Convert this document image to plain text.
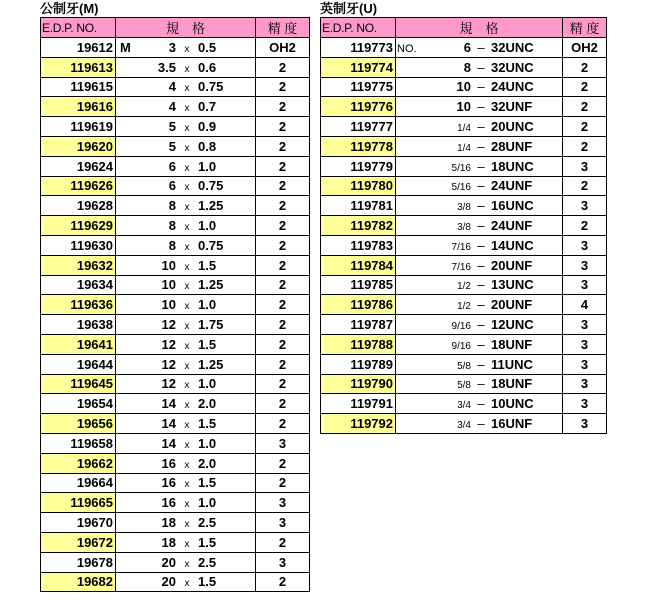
公制牙(M)
E.D.P. NO.	規　格	精 度
19612	M 3 x 0.5	OH2
119613	3.5 x 0.6	2
119615	4 x 0.75	2
19616	4 x 0.7	2
119619	5 x 0.9	2
19620	5 x 0.8	2
19624	6 x 1.0	2
119626	6 x 0.75	2
19628	8 x 1.25	2
119629	8 x 1.0	2
119630	8 x 0.75	2
19632	10 x 1.5	2
19634	10 x 1.25	2
119636	10 x 1.0	2
19638	12 x 1.75	2
19641	12 x 1.5	2
19644	12 x 1.25	2
119645	12 x 1.0	2
19654	14 x 2.0	2
19656	14 x 1.5	2
119658	14 x 1.0	3
19662	16 x 2.0	2
19664	16 x 1.5	2
119665	16 x 1.0	3
19670	18 x 2.5	3
19672	18 x 1.5	2
19678	20 x 2.5	3
19682	20 x 1.5	2
英制牙(U)
E.D.P. NO.	規　格	精 度
119773	NO. 6 – 32UNC	OH2
119774	8 – 32UNC	2
119775	10 – 24UNC	2
119776	10 – 32UNF	2
119777	1/4 – 20UNC	2
119778	1/4 – 28UNF	2
119779	5/16 – 18UNC	3
119780	5/16 – 24UNF	2
119781	3/8 – 16UNC	3
119782	3/8 – 24UNF	2
119783	7/16 – 14UNC	3
119784	7/16 – 20UNF	3
119785	1/2 – 13UNC	3
119786	1/2 – 20UNF	4
119787	9/16 – 12UNC	3
119788	9/16 – 18UNF	3
119789	5/8 – 11UNC	3
119790	5/8 – 18UNF	3
119791	3/4 – 10UNC	3
119792	3/4 – 16UNF	3
